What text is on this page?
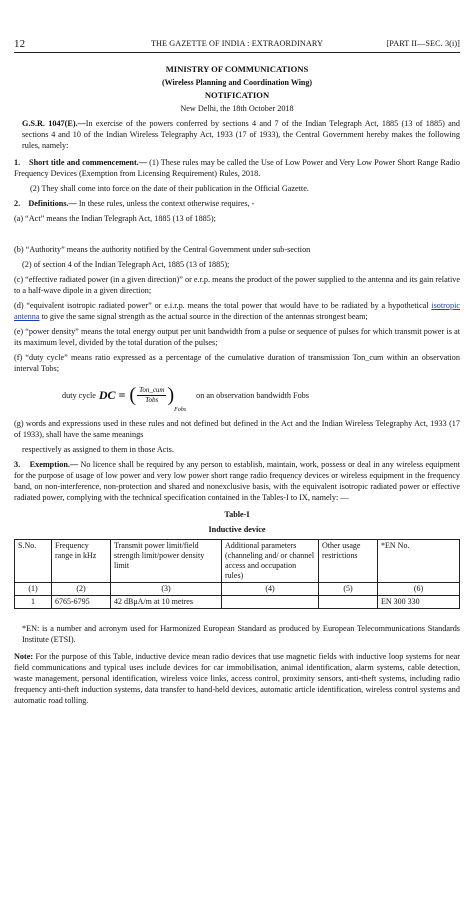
12	THE GAZETTE OF INDIA : EXTRAORDINARY	[PART II—SEC. 3(i)]

MINISTRY OF COMMUNICATIONS

(Wireless Planning and Coordination Wing)

NOTIFICATION

New Delhi, the 18th October 2018

G.S.R. 1047(E).—In exercise of the powers conferred by sections 4 and 7 of the Indian Telegraph Act, 1885 (13 of 1885) and sections 4 and 10 of the Indian Wireless Telegraphy Act, 1933 (17 of 1933), the Central Government hereby makes the following rules, namely:

1. Short title and commencement.— (1) These rules may be called the Use of Low Power and Very Low Power Short Range Radio Frequency Devices (Exemption from Licensing Requirement) Rules, 2018.

(2) They shall come into force on the date of their publication in the Official Gazette.

2. Definitions.— In these rules, unless the context otherwise requires, -

(a) “Act” means the Indian Telegraph Act, 1885 (13 of 1885);

(b) “Authority” means the authority notified by the Central Government under sub-section

(2) of section 4 of the Indian Telegraph Act, 1885 (13 of 1885);

(c) “effective radiated power (in a given direction)” or e.r.p. means the product of the power supplied to the antenna and its gain relative to a half-wave dipole in a given direction;

(d) “equivalent isotropic radiated power” or e.i.r.p. means the total power that would have to be radiated by a hypothetical isotropic antenna to give the same signal strength as the actual source in the direction of the antennas strongest beam;

(e) “power density” means the total energy output per unit bandwidth from a pulse or sequence of pulses for which transmit power is at its maximum level, divided by the total duration of the pulses;

(f) “duty cycle” means ratio expressed as a percentage of the cumulative duration of transmission Ton_cum within an observation interval Tobs;

duty cycle DC = ( $\frac{\text{Ton\_cum}}{\text{Tobs}}$ )
Fobs
on an observation bandwidth Fobs

(g) words and expressions used in these rules and not defined but defined in the Act and the Indian Wireless Telegraphy Act, 1933 (17 of 1933), shall have the same meanings

respectively as assigned to them in those Acts.

3. Exemption.— No licence shall be required by any person to establish, maintain, work, possess or deal in any wireless equipment for the purpose of usage of low power and very low power short range radio frequency devices or wireless equipment in the frequency band, on non-interference, non-protection and shared and nonexclusive basis, with the equivalent isotropic radiated power or effective radiated power, complying with the technical specification contained in the Tables-I to IX, namely: —

Table-I

Inductive device

S.No.	Frequency range in kHz	Transmit power limit/field strength limit/power density limit	Additional parameters (channeling and/ or channel access and occupation rules)	Other usage restrictions	*EN No.
(1)	(2)	(3)	(4)	(5)	(6)
1	6765-6795	42 dBμA/m at 10 metres			EN 300 330

*EN: is a number and acronym used for Harmonized European Standard as produced by European Telecommunications Standards Institute (ETSI).

Note: For the purpose of this Table, inductive device mean radio devices that use magnetic fields with inductive loop systems for near field communications and typical uses include devices for car immobilisation, animal identification, alarm systems, cable detection, waste management, personal identification, wireless voice links, access control, proximity sensors, anti-theft systems, including radio frequency anti-theft induction systems, data transfer to hand-held devices, automatic article identification, wireless control systems and automatic road tolling.
